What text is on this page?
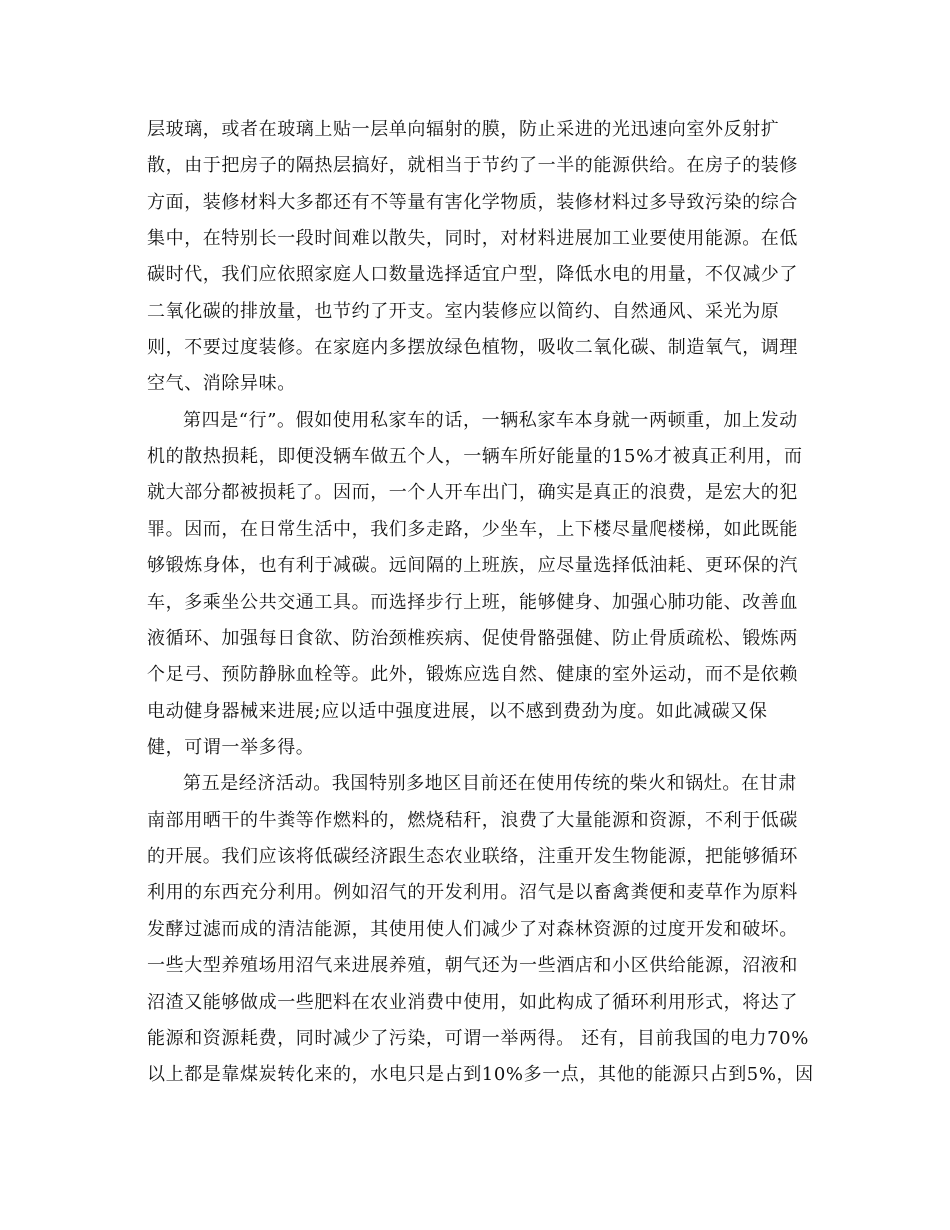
层玻璃，或者在玻璃上贴一层单向辐射的膜，防止采进的光迅速向室外反射扩
散，由于把房子的隔热层搞好，就相当于节约了一半的能源供给。在房子的装修
方面，装修材料大多都还有不等量有害化学物质，装修材料过多导致污染的综合
集中，在特别长一段时间难以散失，同时，对材料进展加工业要使用能源。在低
碳时代，我们应依照家庭人口数量选择适宜户型，降低水电的用量，不仅减少了
二氧化碳的排放量，也节约了开支。室内装修应以简约、自然通风、采光为原
则，不要过度装修。在家庭内多摆放绿色植物，吸收二氧化碳、制造氧气，调理
空气、消除异味。
第四是“行”。假如使用私家车的话，一辆私家车本身就一两顿重，加上发动
机的散热损耗，即便没辆车做五个人，一辆车所好能量的15%才被真正利用，而
就大部分都被损耗了。因而，一个人开车出门，确实是真正的浪费，是宏大的犯
罪。因而，在日常生活中，我们多走路，少坐车，上下楼尽量爬楼梯，如此既能
够锻炼身体，也有利于减碳。远间隔的上班族，应尽量选择低油耗、更环保的汽
车，多乘坐公共交通工具。而选择步行上班，能够健身、加强心肺功能、改善血
液循环、加强每日食欲、防治颈椎疾病、促使骨骼强健、防止骨质疏松、锻炼两
个足弓、预防静脉血栓等。此外，锻炼应选自然、健康的室外运动，而不是依赖
电动健身器械来进展;应以适中强度进展，以不感到费劲为度。如此减碳又保
健，可谓一举多得。
第五是经济活动。我国特别多地区目前还在使用传统的柴火和锅灶。在甘肃
南部用晒干的牛粪等作燃料的，燃烧秸秆，浪费了大量能源和资源，不利于低碳
的开展。我们应该将低碳经济跟生态农业联络，注重开发生物能源，把能够循环
利用的东西充分利用。例如沼气的开发利用。沼气是以畜禽粪便和麦草作为原料
发酵过滤而成的清洁能源，其使用使人们减少了对森林资源的过度开发和破坏。
一些大型养殖场用沼气来进展养殖，朝气还为一些酒店和小区供给能源，沼液和
沼渣又能够做成一些肥料在农业消费中使用，如此构成了循环利用形式，将达了
能源和资源耗费，同时减少了污染，可谓一举两得。 还有，目前我国的电力70%
以上都是靠煤炭转化来的，水电只是占到10%多一点，其他的能源只占到5%，因
